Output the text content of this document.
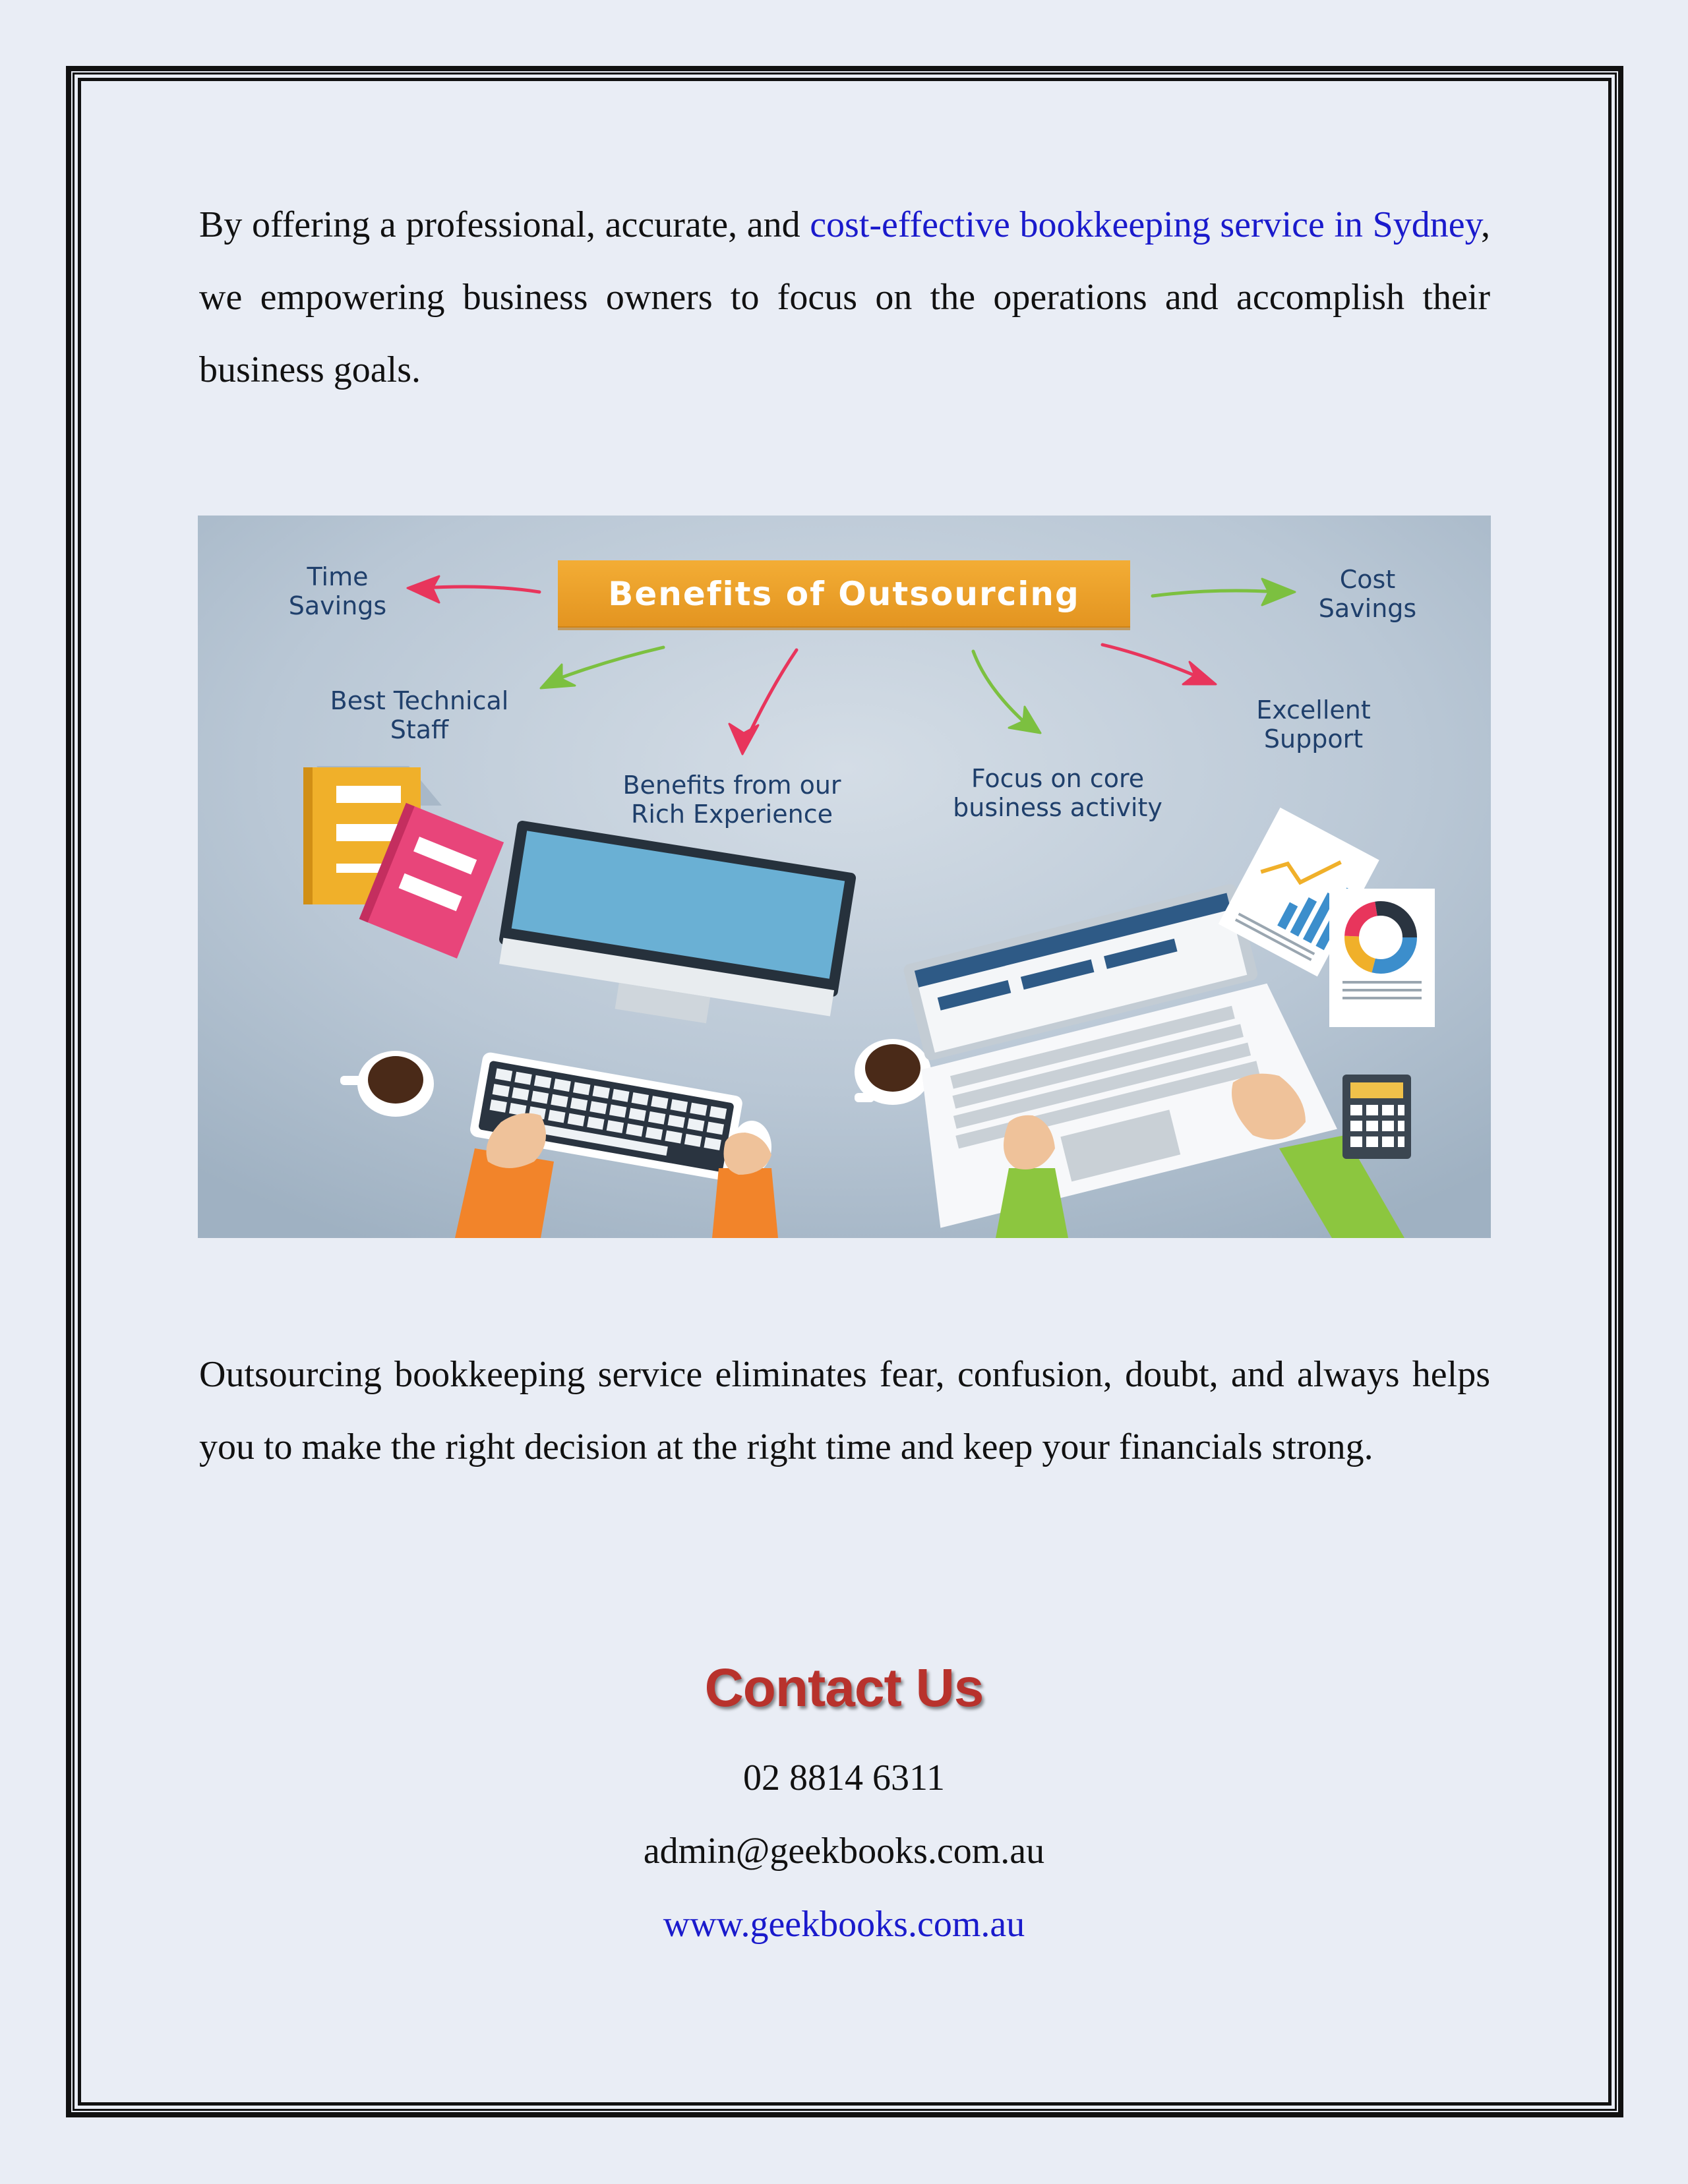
By offering a professional, accurate, and cost-effective bookkeeping service in Sydney, we empowering business owners to focus on the operations and accomplish their business goals.

Benefits of Outsourcing
Time
Savings
Cost
Savings
Best Technical
Staff
Benefits from our
Rich Experience
Focus on core
business activity
Excellent
Support

Outsourcing bookkeeping service eliminates fear, confusion, doubt, and always helps you to make the right decision at the right time and keep your financials strong.

Contact Us
02 8814 6311
admin@geekbooks.com.au
www.geekbooks.com.au
